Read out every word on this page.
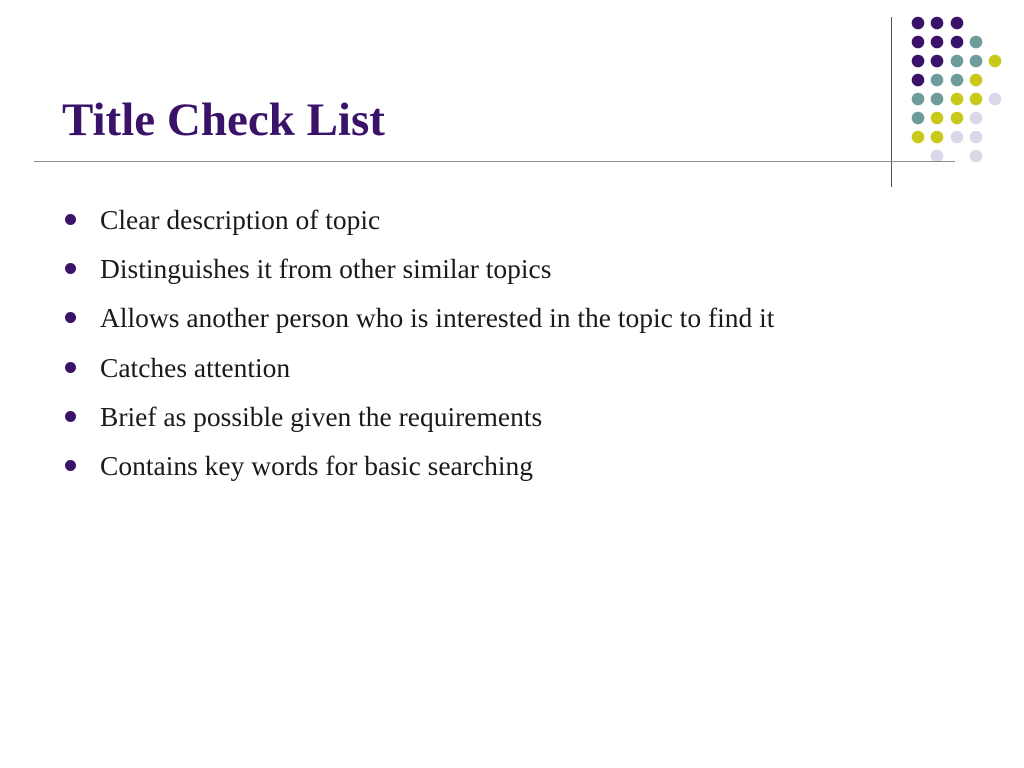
Title Check List
Clear description of topic
Distinguishes it from other similar topics
Allows another person who is interested in the topic to find it
Catches attention
Brief as possible given the requirements
Contains key words for basic searching
